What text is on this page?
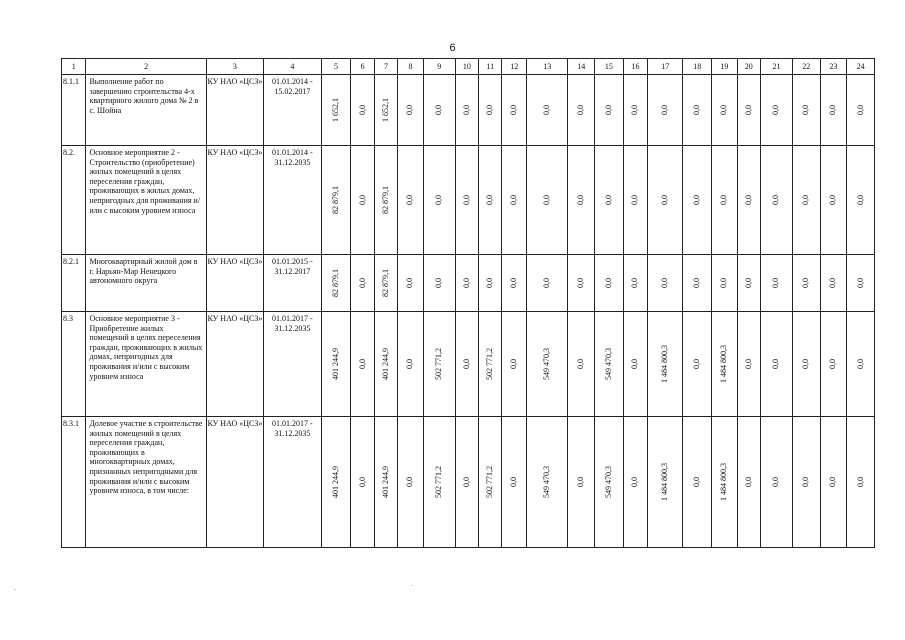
6
1	2	3	4	5	6	7	8	9	10	11	12	13	14	15	16	17	18	19	20	21	22	23	24
8.1.1	Выполнение работ по завершению строительства 4-х квартирного жилого дома № 2 в с. Шойна	КУ НАО «ЦСЗ»	01.01.2014 - 15.02.2017	1 652,1	0,0	1 652,1	0,0	0,0	0,0	0,0	0,0	0,0	0,0	0,0	0,0	0,0	0,0	0,0	0,0	0,0	0,0	0,0	0,0

8.2.	Основное мероприятие 2 - Строительство (приобретение) жилых помещений в целях переселения граждан, проживающих в жилых домах, непригодных для проживания и/или с высоким уровнем износа	КУ НАО «ЦСЗ»	01.01.2014 - 31.12.2035	82 879,1	0,0	82 879,1	0,0	0,0	0,0	0,0	0,0	0,0	0,0	0,0	0,0	0,0	0,0	0,0	0,0	0,0	0,0	0,0	0,0

8.2.1	Многоквартирный жилой дом в г. Нарьян-Мар Ненецкого автономного округа	КУ НАО «ЦСЗ»	01.01.2015 - 31.12.2017	82 879,1	0,0	82 879,1	0,0	0,0	0,0	0,0	0,0	0,0	0,0	0,0	0,0	0,0	0,0	0,0	0,0	0,0	0,0	0,0	0,0

8.3	Основное мероприятие 3 - Приобретение жилых помещений в целях переселения граждан, проживающих в жилых домах, непригодных для проживания и/или с высоким уровнем износа	КУ НАО «ЦСЗ»	01.01.2017 - 31.12.2035	401 244,9	0,0	401 244,9	0,0	502 771,2	0,0	502 771,2	0,0	549 470,3	0,0	549 470,3	0,0	1 484 800,3	0,0	1 484 800,3	0,0	0,0	0,0	0,0	0,0

8.3.1	Долевое участие в строительстве жилых помещений в целях переселения граждан, проживающих в многоквартирных домах, признанных непригодными для проживания и/или с высоким уровнем износа, в том числе:	КУ НАО «ЦСЗ»	01.01.2017 - 31.12.2035	401 244,9	0,0	401 244,9	0,0	502 771,2	0,0	502 771,2	0,0	549 470,3	0,0	549 470,3	0,0	1 484 800,3	0,0	1 484 800,3	0,0	0,0	0,0	0,0	0,0
·	·
